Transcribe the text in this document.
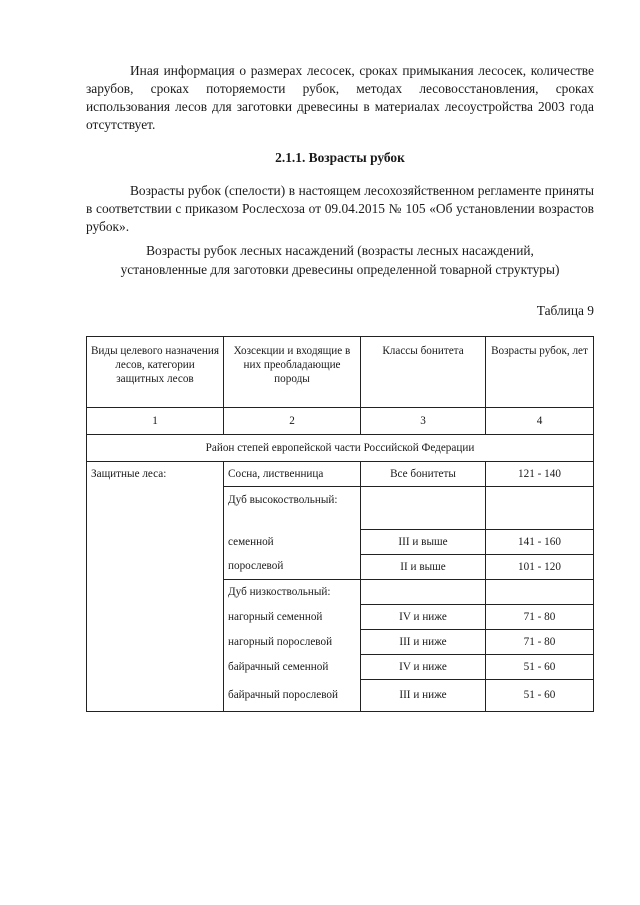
Иная информация о размерах лесосек, сроках примыкания лесосек, количестве зарубов, сроках поторяемости рубок, методах лесовосстановления, сроках использования лесов для заготовки древесины в материалах лесоустройства 2003 года отсутствует.

2.1.1. Возрасты рубок

Возрасты рубок (спелости) в настоящем лесохозяйственном регламенте приняты в соответствии с приказом Рослесхоза от 09.04.2015 № 105 «Об установлении возрастов рубок».

Возрасты рубок лесных насаждений (возрасты лесных насаждений,
установленные для заготовки древесины определенной товарной структуры)

Таблица 9

Виды целевого назначения лесов, категории защитных лесов	Хозсекции и входящие в них преобладающие породы	Классы бонитета	Возрасты рубок, лет
1	2	3	4
Район степей европейской части Российской Федерации			
Защитные леса:	Сосна, лиственница	Все бонитеты	121 - 140
	Дуб высокоствольный:		
	семенной	III и выше	141 - 160
	порослевой	II и выше	101 - 120
	Дуб низкоствольный:		
	нагорный семенной	IV и ниже	71 - 80
	нагорный порослевой	III и ниже	71 - 80
	байрачный семенной	IV и ниже	51 - 60
	байрачный порослевой	III и ниже	51 - 60
